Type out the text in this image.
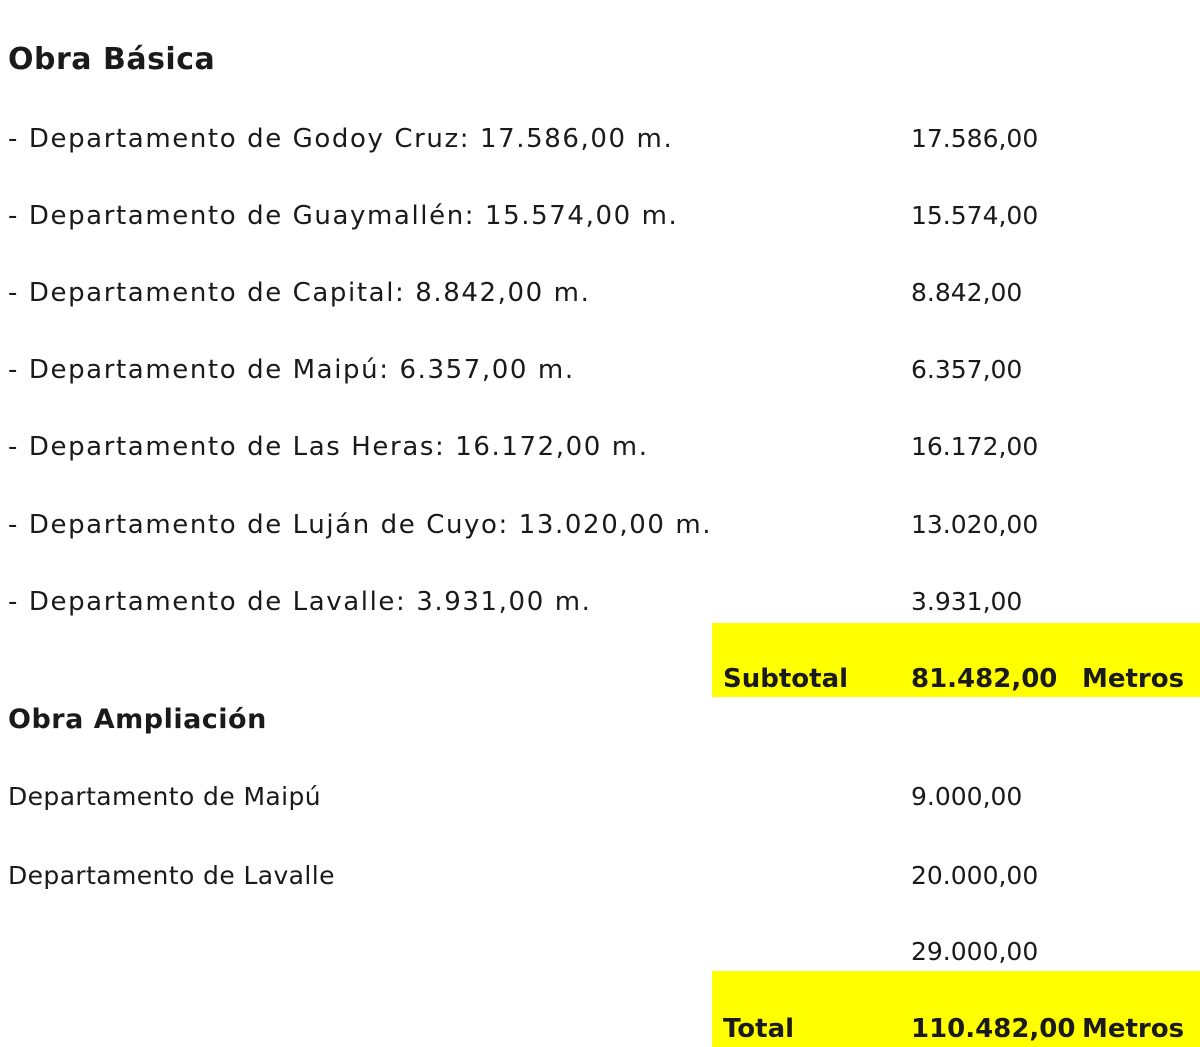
Obra Básica
- Departamento de Godoy Cruz: 17.586,00 m.	17.586,00
- Departamento de Guaymallén: 15.574,00 m.	15.574,00
- Departamento de Capital: 8.842,00 m.	8.842,00
- Departamento de Maipú: 6.357,00 m.	6.357,00
- Departamento de Las Heras: 16.172,00 m.	16.172,00
- Departamento de Luján de Cuyo: 13.020,00 m.	13.020,00
- Departamento de Lavalle: 3.931,00 m.	3.931,00
Subtotal 81.482,00 Metros
Obra Ampliación
Departamento de Maipú	9.000,00
Departamento de Lavalle	20.000,00
29.000,00
Total	110.482,00 Metros
